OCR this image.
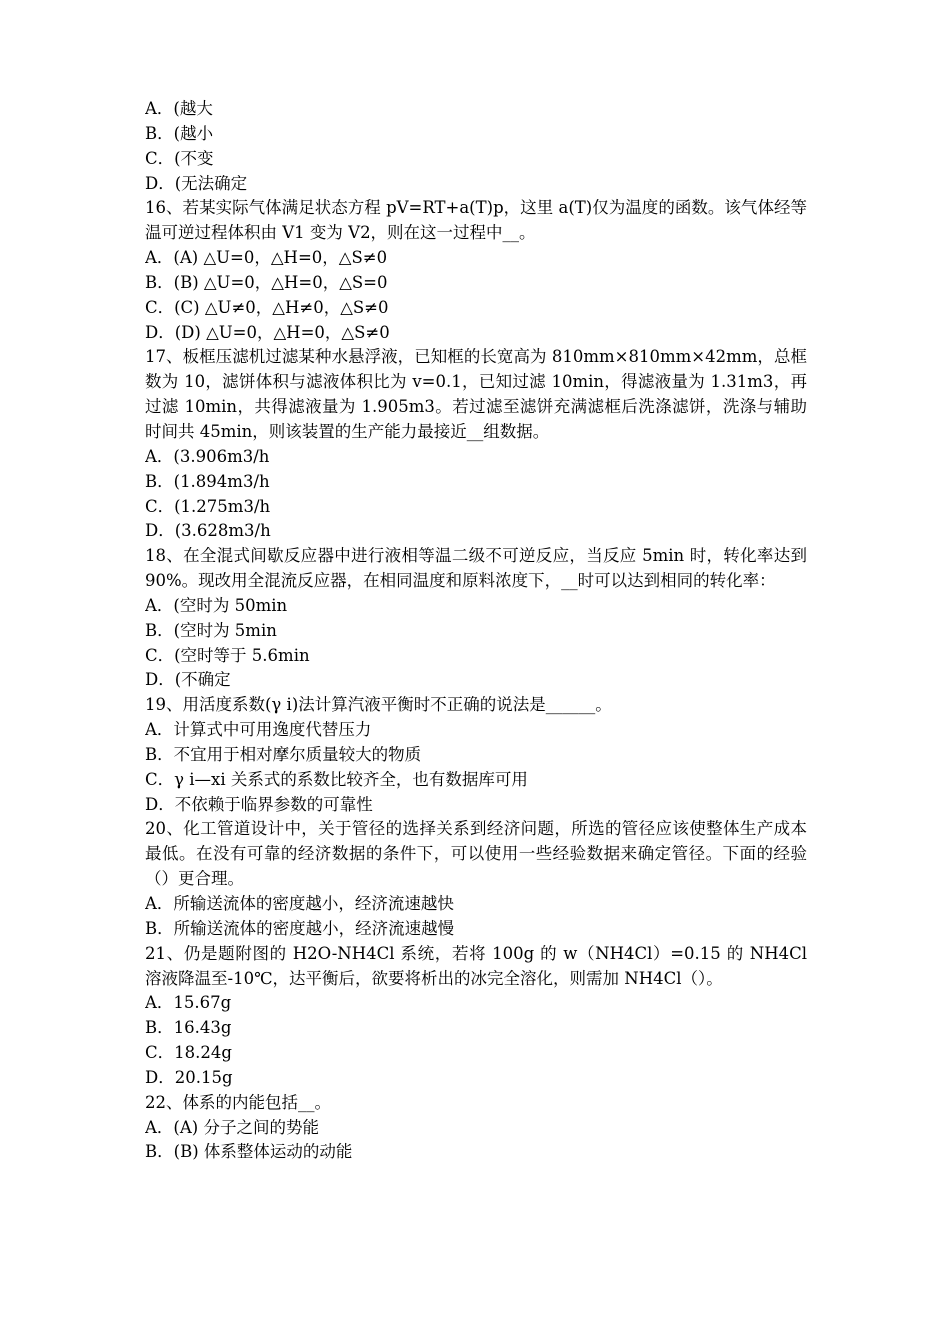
A．(越大
B．(越小
C．(不变
D．(无法确定
16、若某实际气体满足状态方程 pV=RT+a(T)p，这里 a(T)仅为温度的函数。该气体经等温可逆过程体积由 V1 变为 V2，则在这一过程中__。
A．(A) △U=0，△H=0，△S≠0
B．(B) △U=0，△H=0，△S=0
C．(C) △U≠0，△H≠0，△S≠0
D．(D) △U=0，△H=0，△S≠0
17、板框压滤机过滤某种水悬浮液，已知框的长宽高为 810mm×810mm×42mm，总框数为 10，滤饼体积与滤液体积比为 v=0.1，已知过滤 10min，得滤液量为 1.31m3，再过滤 10min，共得滤液量为 1.905m3。若过滤至滤饼充满滤框后洗涤滤饼，洗涤与辅助时间共 45min，则该装置的生产能力最接近__组数据。
A．(3.906m3/h
B．(1.894m3/h
C．(1.275m3/h
D．(3.628m3/h
18、在全混式间歇反应器中进行液相等温二级不可逆反应，当反应 5min 时，转化率达到 90%。现改用全混流反应器，在相同温度和原料浓度下，__时可以达到相同的转化率：
A．(空时为 50min
B．(空时为 5min
C．(空时等于 5.6min
D．(不确定
19、用活度系数(γ i)法计算汽液平衡时不正确的说法是______。
A．计算式中可用逸度代替压力
B．不宜用于相对摩尔质量较大的物质
C．γ i—xi 关系式的系数比较齐全，也有数据库可用
D．不依赖于临界参数的可靠性
20、化工管道设计中，关于管径的选择关系到经济问题，所选的管径应该使整体生产成本最低。在没有可靠的经济数据的条件下，可以使用一些经验数据来确定管径。下面的经验（）更合理。
A．所输送流体的密度越小，经济流速越快
B．所输送流体的密度越小，经济流速越慢
21、仍是题附图的 H2O-NH4Cl 系统，若将 100g 的 w（NH4Cl）=0.15 的 NH4Cl 溶液降温至-10℃，达平衡后，欲要将析出的冰完全溶化，则需加 NH4Cl（）。
A．15.67g
B．16.43g
C．18.24g
D．20.15g
22、体系的内能包括__。
A．(A) 分子之间的势能
B．(B) 体系整体运动的动能
